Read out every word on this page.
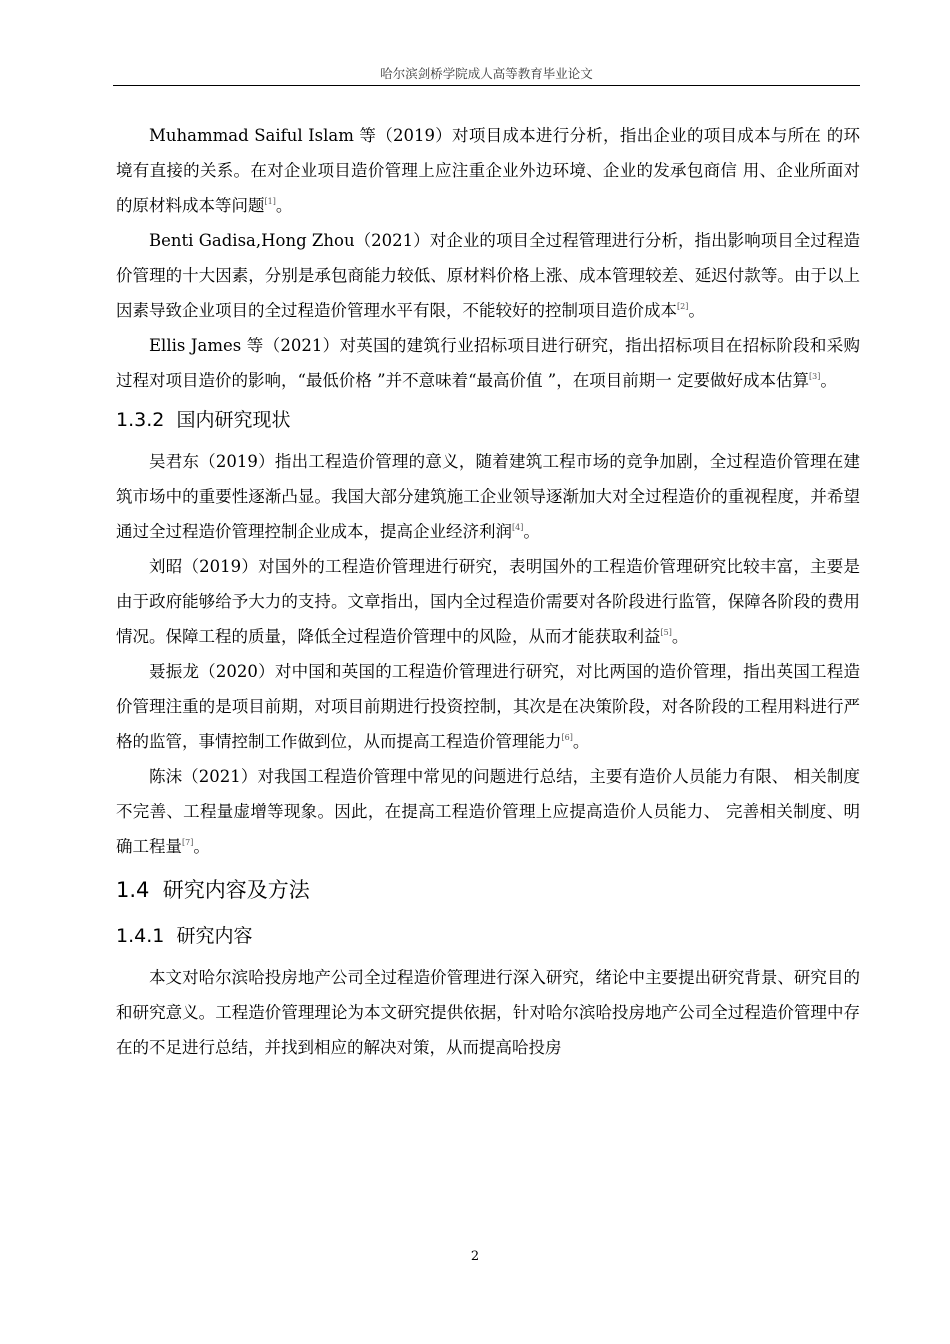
哈尔滨剑桥学院成人高等教育毕业论文

Muhammad Saiful Islam 等（2019）对项目成本进行分析，指出企业的项目成本与所在 的环境有直接的关系。在对企业项目造价管理上应注重企业外边环境、企业的发承包商信 用、企业所面对的原材料成本等问题[1]。

Benti Gadisa,Hong Zhou（2021）对企业的项目全过程管理进行分析，指出影响项目全过程造价管理的十大因素，分别是承包商能力较低、原材料价格上涨、成本管理较差、延迟付款等。由于以上因素导致企业项目的全过程造价管理水平有限，不能较好的控制项目造价成本[2]。

Ellis James 等（2021）对英国的建筑行业招标项目进行研究，指出招标项目在招标阶段和采购过程对项目造价的影响，“最低价格 ”并不意味着“最高价值 ”，在项目前期一 定要做好成本估算[3]。

1.3.2 国内研究现状

吴君东（2019）指出工程造价管理的意义，随着建筑工程市场的竞争加剧，全过程造价管理在建筑市场中的重要性逐渐凸显。我国大部分建筑施工企业领导逐渐加大对全过程造价的重视程度，并希望通过全过程造价管理控制企业成本，提高企业经济利润[4]。

刘昭（2019）对国外的工程造价管理进行研究，表明国外的工程造价管理研究比较丰富，主要是由于政府能够给予大力的支持。文章指出，国内全过程造价需要对各阶段进行监管，保障各阶段的费用情况。保障工程的质量，降低全过程造价管理中的风险，从而才能获取利益[5]。

聂振龙（2020）对中国和英国的工程造价管理进行研究，对比两国的造价管理，指出英国工程造价管理注重的是项目前期，对项目前期进行投资控制，其次是在决策阶段，对各阶段的工程用料进行严格的监管，事情控制工作做到位，从而提高工程造价管理能力[6]。

陈沫（2021）对我国工程造价管理中常见的问题进行总结，主要有造价人员能力有限、 相关制度不完善、工程量虚增等现象。因此，在提高工程造价管理上应提高造价人员能力、 完善相关制度、明确工程量[7]。

1.4 研究内容及方法
1.4.1 研究内容

本文对哈尔滨哈投房地产公司全过程造价管理进行深入研究，绪论中主要提出研究背景、研究目的和研究意义。工程造价管理理论为本文研究提供依据，针对哈尔滨哈投房地产公司全过程造价管理中存在的不足进行总结，并找到相应的解决对策，从而提高哈投房

2
